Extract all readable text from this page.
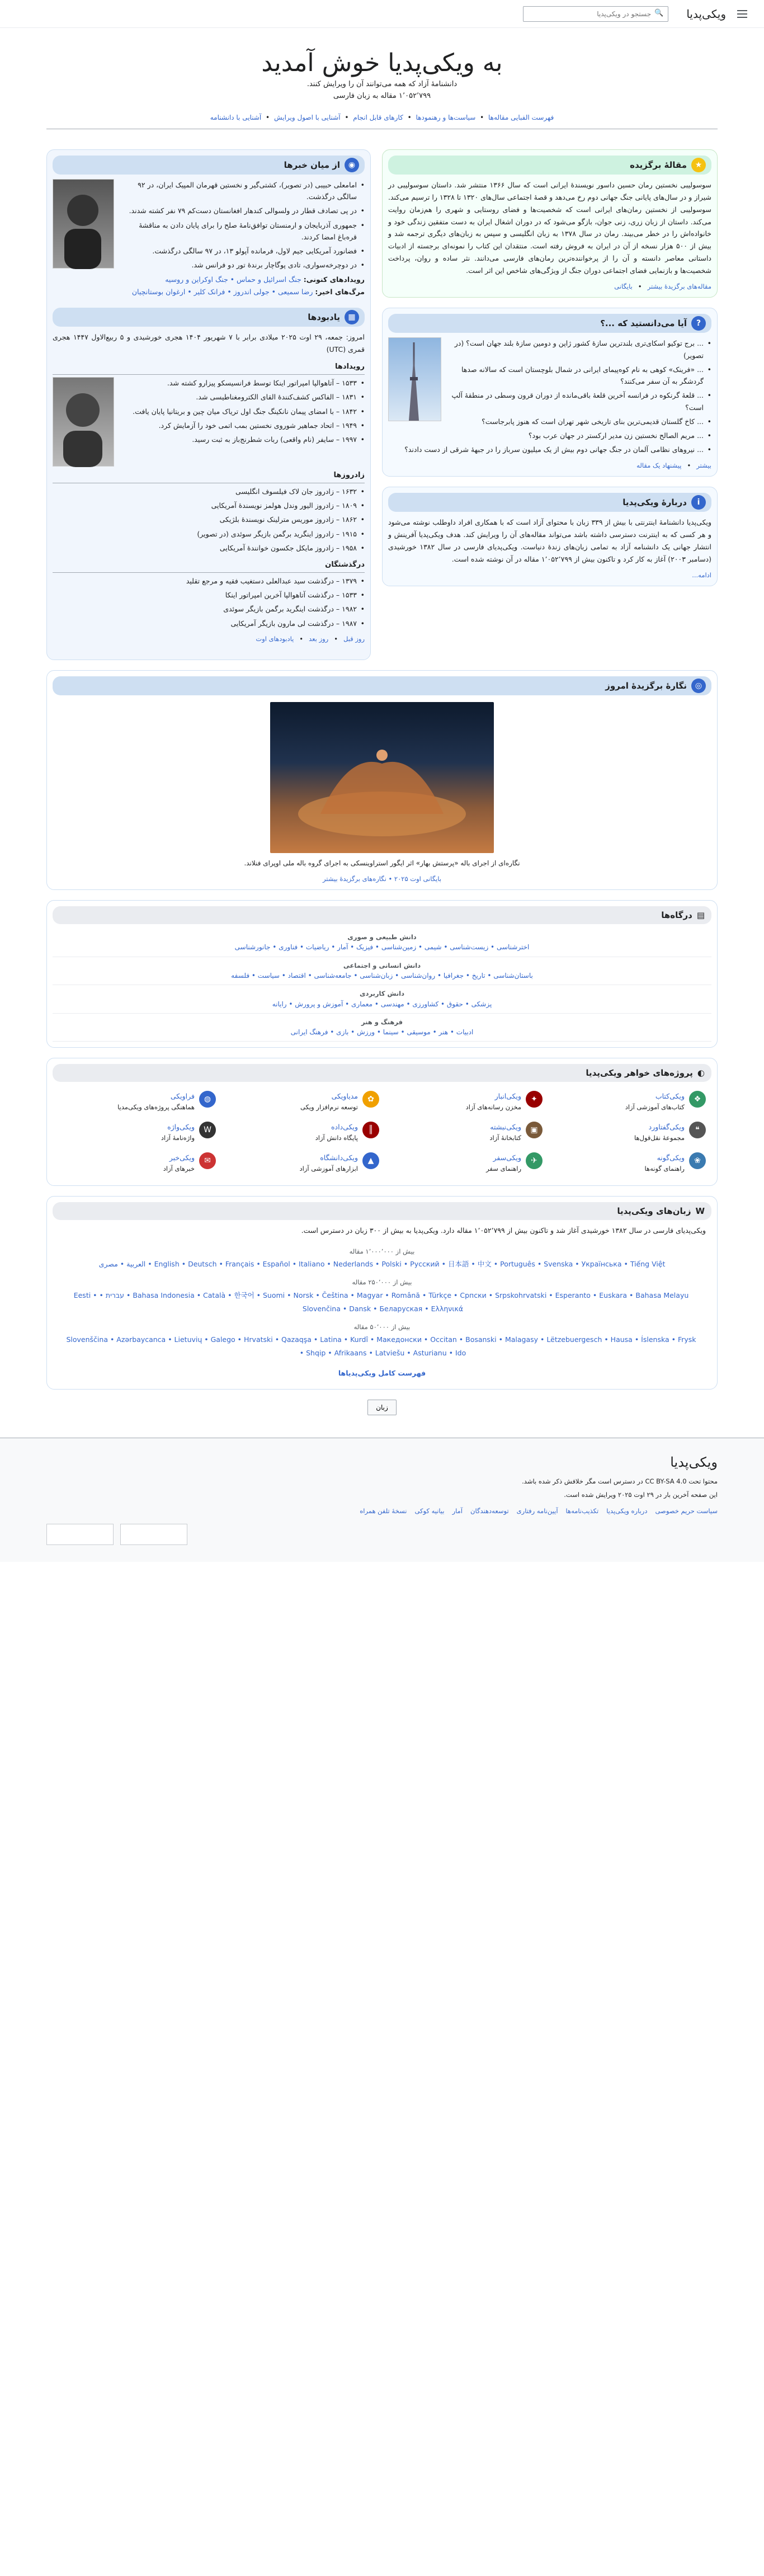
ویکی‌پدیا
🔍
جستجو در ویکی‌پدیا
به ویکی‌پدیا خوش آمدید

دانشنامهٔ آزاد که همه می‌توانند آن را ویرایش کنند.

۱٬۰۵۲٬۷۹۹ مقاله به زبان فارسی

فهرست الفبایی مقاله‌ها • سیاست‌ها و رهنمودها • کارهای قابل انجام • آشنایی با اصول ویرایش • آشنایی با دانشنامه
★
مقالهٔ برگزیده
سوسولیبی نخستین رمان حسین داسور نویسندهٔ ایرانی است که سال ۱۳۶۶ منتشر شد. داستان سوسولیبی در شیراز و در سال‌های پایانی جنگ جهانی دوم رخ می‌دهد و قصهٔ اجتماعی سال‌های ۱۳۲۰ تا ۱۳۲۸ را ترسیم می‌کند. سوسولیبی از نخستین رمان‌های ایرانی است که شخصیت‌ها و فضای روستایی و شهری را هم‌زمان روایت می‌کند. داستان از زبان زری، زنی جوان، بازگو می‌شود که در دوران اشغال ایران به دست متفقین زندگی خود و خانواده‌اش را در خطر می‌بیند. رمان در سال ۱۳۷۸ به زبان انگلیسی و سپس به زبان‌های دیگری ترجمه شد و بیش از ۵۰۰ هزار نسخه از آن در ایران به فروش رفته است. منتقدان این کتاب را نمونه‌ای برجسته از ادبیات داستانی معاصر دانسته و آن را از پرخواننده‌ترین رمان‌های فارسی می‌دانند. نثر ساده و روان، پرداخت شخصیت‌ها و بازنمایی فضای اجتماعی دوران جنگ از ویژگی‌های شاخص این اثر است.
مقاله‌های برگزیدهٔ بیشتر
•
بایگانی
?
آیا می‌دانستید که ...؟
• ... برج توکیو اسکای‌تری بلندترین سازهٔ کشور ژاپن و دومین سازهٔ بلند جهان است؟ (در تصویر)
• ... «فرینک» کوهی به نام کوه‌پیمای ایرانی در شمال بلوچستان است که سالانه صدها گردشگر به آن سفر می‌کنند؟
• ... قلعهٔ گرنکوه در فرانسه آخرین قلعهٔ باقی‌مانده از دوران قرون وسطی در منطقهٔ آلپ است؟
• ... کاخ گلستان قدیمی‌ترین بنای تاریخی شهر تهران است که هنوز پابرجاست؟
• ... مریم الصالح نخستین زن مدیر ارکستر در جهان عرب بود؟
• ... نیروهای نظامی آلمان در جنگ جهانی دوم بیش از یک میلیون سرباز را در جبههٔ شرقی از دست دادند؟
بیشتر
•
پیشنهاد یک مقاله
i
دربارهٔ ویکی‌پدیا
ویکی‌پدیا دانشنامهٔ اینترنتی با بیش از ۳۳۹ زبان با محتوای آزاد است که با همکاری افراد داوطلب نوشته می‌شود و هر کسی که به اینترنت دسترسی داشته باشد می‌تواند مقاله‌های آن را ویرایش کند. هدف ویکی‌پدیا آفرینش و انتشار جهانی یک دانشنامه آزاد به تمامی زبان‌های زندهٔ دنیاست. ویکی‌پدیای فارسی در سال ۱۳۸۲ خورشیدی (دسامبر ۲۰۰۳) آغاز به کار کرد و تاکنون بیش از ۱٬۰۵۲٬۷۹۹ مقاله در آن نوشته شده است.
ادامه...
◉
از میان خبرها
• امامعلی حبیبی (در تصویر)، کشتی‌گیر و نخستین قهرمان المپیک ایران، در ۹۲ سالگی درگذشت.
• در پی تصادف قطار در ولسوالی کندهار افغانستان دست‌کم ۷۹ نفر کشته شدند.
• جمهوری آذربایجان و ارمنستان توافق‌نامهٔ صلح را برای پایان دادن به مناقشهٔ قره‌باغ امضا کردند.
• فضانورد آمریکایی جیم لاول، فرمانده آپولو ۱۳، در ۹۷ سالگی درگذشت.
• در دوچرخه‌سواری، تادی پوگاچار برندهٔ تور دو فرانس شد.
رویدادهای کنونی: جنگ اسرائیل و حماس • جنگ اوکراین و روسیه
مرگ‌های اخیر: رضا سمیعی • جولی اندروز • فرانک کلیر • ارغوان بوستانچیان
▦
یادبودها
امروز: جمعه، ۲۹ اوت ۲۰۲۵ میلادی برابر با ۷ شهریور ۱۴۰۴ هجری خورشیدی و ۵ ربیع‌الاول ۱۴۴۷ هجری قمری (UTC)
رویدادها
• ۱۵۳۳ – آتاهوالپا امپراتور اینکا توسط فرانسیسکو پیزارو کشته شد.
• ۱۸۳۱ – الفاکس کشف‌کنندهٔ القای الکترومغناطیسی شد.
• ۱۸۴۲ – با امضای پیمان نانکینگ جنگ اول تریاک میان چین و بریتانیا پایان یافت.
• ۱۹۴۹ – اتحاد جماهیر شوروی نخستین بمب اتمی خود را آزمایش کرد.
• ۱۹۹۷ – سایفر (نام واقعی) ربات شطرنج‌باز به ثبت رسید.
زادروزها
• ۱۶۳۲ – زادروز جان لاک فیلسوف انگلیسی
• ۱۸۰۹ – زادروز الیور وندل هولمز نویسندهٔ آمریکایی
• ۱۸۶۲ – زادروز موریس مترلینک نویسندهٔ بلژیکی
• ۱۹۱۵ – زادروز اینگرید برگمن بازیگر سوئدی (در تصویر)
• ۱۹۵۸ – زادروز مایکل جکسون خوانندهٔ آمریکایی
درگذشتگان
• ۱۳۷۹ – درگذشت سید عبدالعلی دستغیب فقیه و مرجع تقلید
• ۱۵۳۳ – درگذشت آتاهوالپا آخرین امپراتور اینکا
• ۱۹۸۲ – درگذشت اینگرید برگمن بازیگر سوئدی
• ۱۹۸۷ – درگذشت لی مارون بازیگر آمریکایی
روز قبل
•
روز بعد
•
یادبودهای اوت
◎
نگارهٔ برگزیدهٔ امروز
نگاره‌ای از اجرای باله «پرستش بهار» اثر ایگور استراوینسکی به اجرای گروه باله ملی اوپرای فنلاند.
بایگانی اوت ۲۰۲۵ • نگاره‌های برگزیدهٔ بیشتر
▤
درگاه‌ها
دانش طبیعی و صوری
اخترشناسی • زیست‌شناسی • شیمی • زمین‌شناسی • فیزیک • آمار • ریاضیات • فناوری • جانورشناسی
دانش انسانی و اجتماعی
باستان‌شناسی • تاریخ • جغرافیا • روان‌شناسی • زبان‌شناسی • جامعه‌شناسی • اقتصاد • سیاست • فلسفه
دانش کاربردی
پزشکی • حقوق • کشاورزی • مهندسی • معماری • آموزش و پرورش • رایانه
فرهنگ و هنر
ادبیات • هنر • موسیقی • سینما • ورزش • بازی • فرهنگ ایرانی
◐
پروژه‌های خواهر ویکی‌پدیا
❖
ویکی‌کتاب
کتاب‌های آموزشی آزاد
✦
ویکی‌انبار
مخزن رسانه‌های آزاد
✿
مدیاویکی
توسعه نرم‌افزار ویکی
◍
فراویکی
هماهنگی پروژه‌های ویکی‌مدیا
❝
ویکی‌گفتاورد
مجموعهٔ نقل‌قول‌ها
▣
ویکی‌نبشته
کتابخانهٔ آزاد
║
ویکی‌داده
پایگاه دانش آزاد
W
ویکی‌واژه
واژه‌نامهٔ آزاد
❀
ویکی‌گونه
راهنمای گونه‌ها
✈
ویکی‌سفر
راهنمای سفر
▲
ویکی‌دانشگاه
ابزارهای آموزشی آزاد
✉
ویکی‌خبر
خبرهای آزاد
W
زبان‌های ویکی‌پدیا
ویکی‌پدیای فارسی در سال ۱۳۸۲ خورشیدی آغاز شد و تاکنون بیش از ۱٬۰۵۲٬۷۹۹ مقاله دارد. ویکی‌پدیا به بیش از ۳۰۰ زبان در دسترس است.
بیش از ۱٬۰۰۰٬۰۰۰ مقاله
English • Deutsch • Français • Español • Italiano • Nederlands • Polski • Русский • 日本語 • 中文 • Português • Svenska • Українська • Tiếng Việt • العربية • مصری
بیش از ۲۵۰٬۰۰۰ مقاله
Bahasa Indonesia • Català • 한국어 • Suomi • Norsk • Čeština • Magyar • Română • Türkçe • Српски • Srpskohrvatski • Esperanto • Euskara • Bahasa Melayu • עברית • Eesti • Slovenčina • Dansk • Беларуская • Ελληνικά
بیش از ۵۰٬۰۰۰ مقاله
Slovenščina • Azərbaycanca • Lietuvių • Galego • Hrvatski • Qazaqşa • Latina • Kurdî • Македонски • Occitan • Bosanski • Malagasy • Lëtzebuergesch • Hausa • Íslenska • Frysk • Shqip • Afrikaans • Latviešu • Asturianu • Ido
فهرست کامل ویکی‌پدیاها
زبان
ویکی‌پدیا
محتوا تحت CC BY-SA 4.0 در دسترس است مگر خلافش ذکر شده باشد.
این صفحه آخرین بار در ۲۹ اوت ۲۰۲۵ ویرایش شده است.
سیاست حریم خصوصی
درباره ویکی‌پدیا
تکذیب‌نامه‌ها
آیین‌نامه رفتاری
توسعه‌دهندگان
آمار
بیانیه کوکی
نسخهٔ تلفن همراه
